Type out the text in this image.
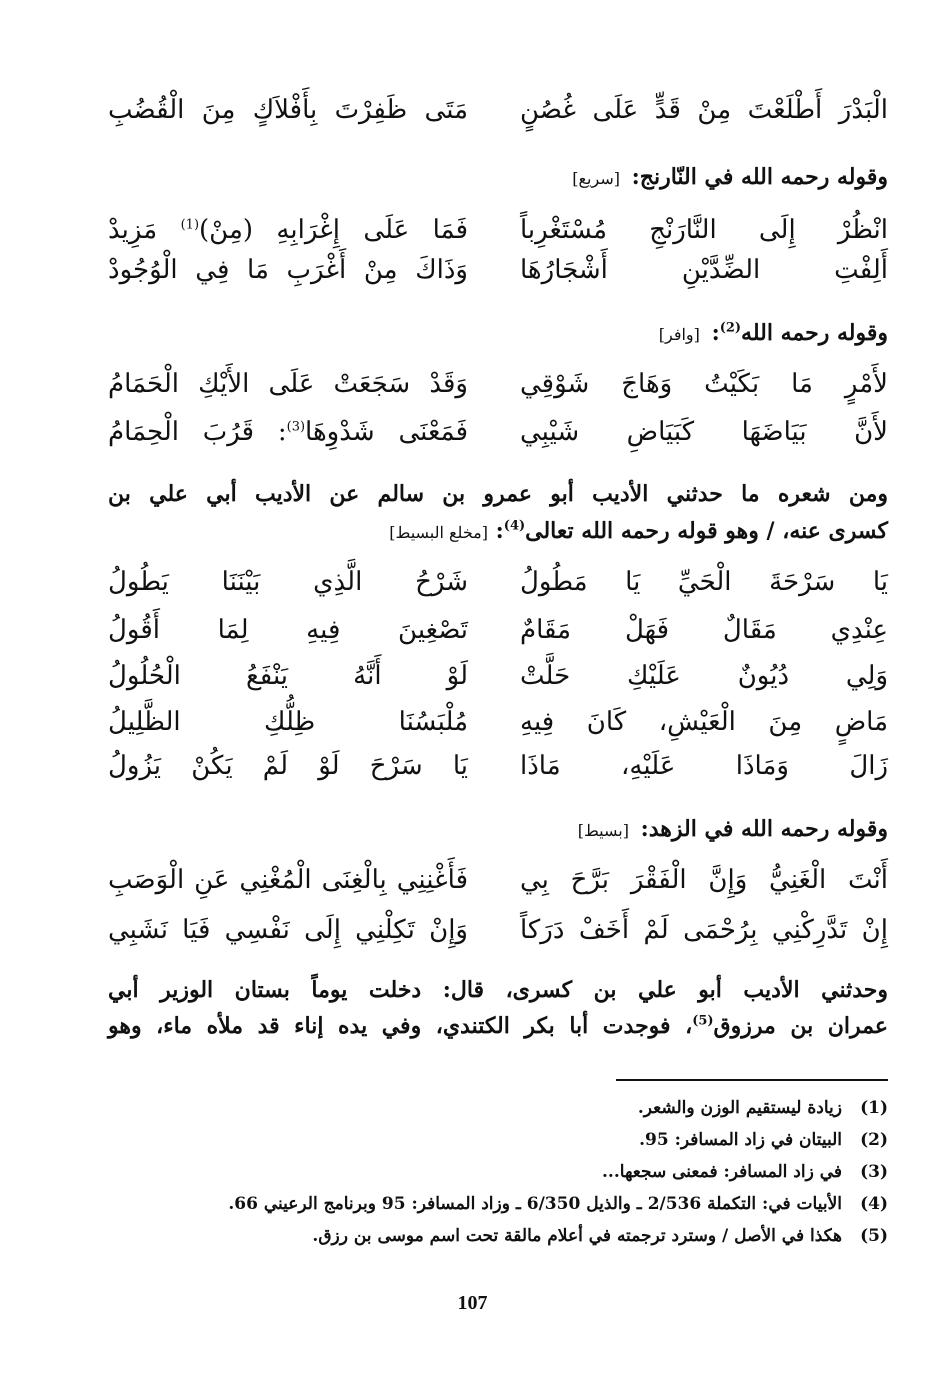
الْبَدْرَ أَطْلَعْتَ مِنْ قَدٍّ عَلَى غُصُنٍ
مَتَى ظَفِرْتَ بِأَفْلاَكٍ مِنَ الْقُضُبِ
وقوله رحمه الله في النّارنج: [سريع]
انْظُرْ إِلَى النَّارَنْجِ مُسْتَغْرِباً
فَمَا عَلَى إِغْرَابِهِ (مِنْ)$^{(1)}$ مَزِيدْ
أَلِفْتِ الضِّدَّيْنِ أَشْجَارُهَا
وَذَاكَ مِنْ أَغْرَبِ مَا فِي الْوُجُودْ
وقوله رحمه الله$^{(2)}$: [وافر]
لأَمْرٍ مَا بَكَيْتُ وَهَاجَ شَوْقِي
وَقَدْ سَجَعَتْ عَلَى الأَيْكِ الْحَمَامُ
لأَنَّ بَيَاضَهَا كَبَيَاضِ شَيْبِي
فَمَعْنَى شَدْوِهَا$^{(3)}$: قَرُبَ الْحِمَامُ
ومن شعره ما حدثني الأديب أبو عمرو بن سالم عن الأديب أبي علي بن
كسرى عنه، / وهو قوله رحمه الله تعالى$^{(4)}$: [مخلع البسيط]
يَا سَرْحَةَ الْحَيِّ يَا مَطُولُ
شَرْحُ الَّذِي بَيْنَنَا يَطُولُ
عِنْدِي مَقَالٌ فَهَلْ مَقَامٌ
تَصْغِينَ فِيهِ لِمَا أَقُولُ
وَلِي دُيُونٌ عَلَيْكِ حَلَّتْ
لَوْ أَنَّهُ يَنْفَعُ الْحُلُولُ
مَاضٍ مِنَ الْعَيْشِ، كَانَ فِيهِ
مُلْبَسُنَا ظِلُّكِ الظَّلِيلُ
زَالَ وَمَاذَا عَلَيْهِ، مَاذَا
يَا سَرْحَ لَوْ لَمْ يَكُنْ يَزُولُ
وقوله رحمه الله في الزهد: [بسيط]
أَنْتَ الْغَنِيُّ وَإِنَّ الْفَقْرَ بَرَّحَ بِي
فَأَغْنِنِي بِالْغِنَى الْمُغْنِي عَنِ الْوَصَبِ
إِنْ تَدَّرِكْنِي بِرُحْمَى لَمْ أَخَفْ دَرَكاً
وَإِنْ تَكِلْنِي إِلَى نَفْسِي فَيَا نَشَبِي
وحدثني الأديب أبو علي بن كسرى، قال: دخلت يوماً بستان الوزير أبي
عمران بن مرزوق$^{(5)}$، فوجدت أبا بكر الكتندي، وفي يده إناء قد ملأه ماء، وهو
(1)
زيادة ليستقيم الوزن والشعر.
(2)
البيتان في زاد المسافر: 95.
(3)
في زاد المسافر: فمعنى سجعها...
(4)
الأبيات في: التكملة 2/536 ـ والذيل 6/350 ـ وزاد المسافر: 95 وبرنامج الرعيني 66.
(5)
هكذا في الأصل / وسترد ترجمته في أعلام مالقة تحت اسم موسى بن رزق.
107
